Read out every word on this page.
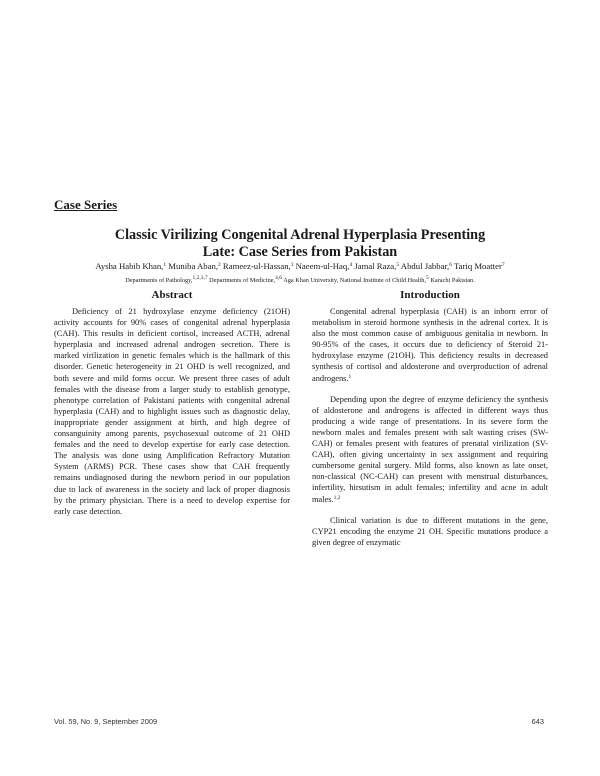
Case Series
Classic Virilizing Congenital Adrenal Hyperplasia Presenting
Late: Case Series from Pakistan
Aysha Habib Khan,$^1$ Muniba Aban,$^2$ Rameez-ul-Hassan,$^3$ Naeem-ul-Haq,$^4$ Jamal Raza,$^5$ Abdul Jabbar,$^6$ Tariq Moatter$^7$
Departments of Pathology,$^{1,2,3,7}$ Departments of Medicine,$^{4,6}$ Aga Khan University, National Institute of Child Health,$^5$ Karachi Pakistan.
Abstract	Introduction

Deficiency of 21 hydroxylase enzyme deficiency (21OH) activity accounts for 90% cases of congenital adrenal hyperplasia (CAH). This results in deficient cortisol, increased ACTH, adrenal hyperplasia and increased adrenal androgen secretion. There is marked virilization in genetic females which is the hallmark of this disorder. Genetic heterogeneity in 21 OHD is well recognized, and both severe and mild forms occur. We present three cases of adult females with the disease from a larger study to establish genotype, phenotype correlation of Pakistani patients with congenital adrenal hyperplasia (CAH) and to highlight issues such as diagnostic delay, inappropriate gender assignment at birth, and high degree of consanguinity among parents, psychosexual outcome of 21 OHD females and the need to develop expertise for early case detection. The analysis was done using Amplification Refractory Mutation System (ARMS) PCR. These cases show that CAH frequently remains undiagnosed during the newborn period in our population due to lack of awareness in the society and lack of proper diagnosis by the primary physician. There is a need to develop expertise for early case detection.

Congenital adrenal hyperplasia (CAH) is an inborn error of metabolism in steroid hormone synthesis in the adrenal cortex. It is also the most common cause of ambiguous genitalia in newborn. In 90-95% of the cases, it occurs due to deficiency of Steroid 21-hydroxylase enzyme (21OH). This deficiency results in decreased synthesis of cortisol and aldosterone and overproduction of adrenal androgens.$^1$

Depending upon the degree of enzyme deficiency the synthesis of aldosterone and androgens is affected in different ways thus producing a wide range of presentations. In its severe form the newborn males and females present with salt wasting crises (SW-CAH) or females present with features of prenatal virilization (SV-CAH), often giving uncertainty in sex assignment and requiring cumbersome genital surgery. Mild forms, also known as late onset, non-classical (NC-CAH) can present with menstrual disturbances, infertility, hirsutism in adult females; infertility and acne in adult males.$^{1,2}$

Clinical variation is due to different mutations in the gene, CYP21 encoding the enzyme 21 OH. Specific mutations produce a given degree of enzymatic

Vol. 59, No. 9, September 2009	643
